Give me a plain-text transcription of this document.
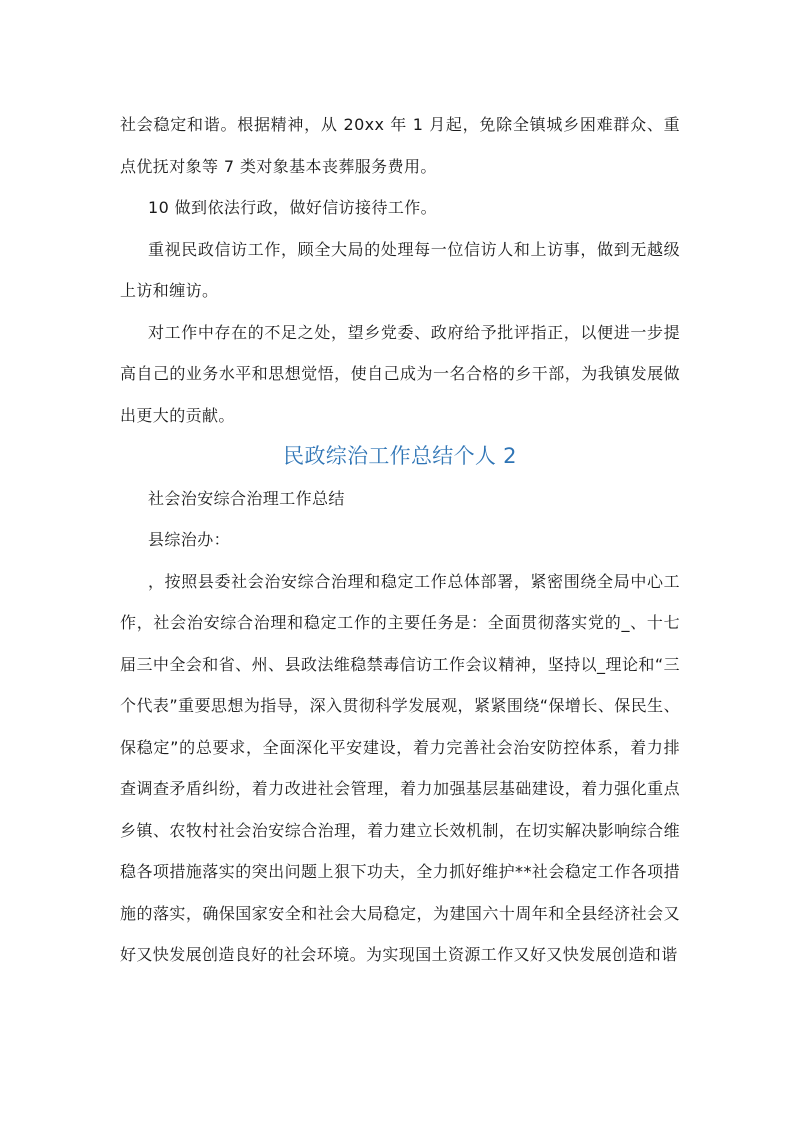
社会稳定和谐。根据精神，从 20xx 年 1 月起，免除全镇城乡困难群众、重点优抚对象等 7 类对象基本丧葬服务费用。

10 做到依法行政，做好信访接待工作。

重视民政信访工作，顾全大局的处理每一位信访人和上访事，做到无越级上访和缠访。

对工作中存在的不足之处，望乡党委、政府给予批评指正，以便进一步提高自己的业务水平和思想觉悟，使自己成为一名合格的乡干部，为我镇发展做出更大的贡献。

民政综治工作总结个人 2

社会治安综合治理工作总结

县综治办：

，按照县委社会治安综合治理和稳定工作总体部署，紧密围绕全局中心工作，社会治安综合治理和稳定工作的主要任务是：全面贯彻落实党的_、十七届三中全会和省、州、县政法维稳禁毒信访工作会议精神，坚持以_理论和“三个代表”重要思想为指导，深入贯彻科学发展观，紧紧围绕“保增长、保民生、保稳定”的总要求，全面深化平安建设，着力完善社会治安防控体系，着力排查调查矛盾纠纷，着力改进社会管理，着力加强基层基础建设，着力强化重点乡镇、农牧村社会治安综合治理，着力建立长效机制，在切实解决影响综合维稳各项措施落实的突出问题上狠下功夫，全力抓好维护**社会稳定工作各项措施的落实，确保国家安全和社会大局稳定，为建国六十周年和全县经济社会又好又快发展创造良好的社会环境。为实现国土资源工作又好又快发展创造和谐
